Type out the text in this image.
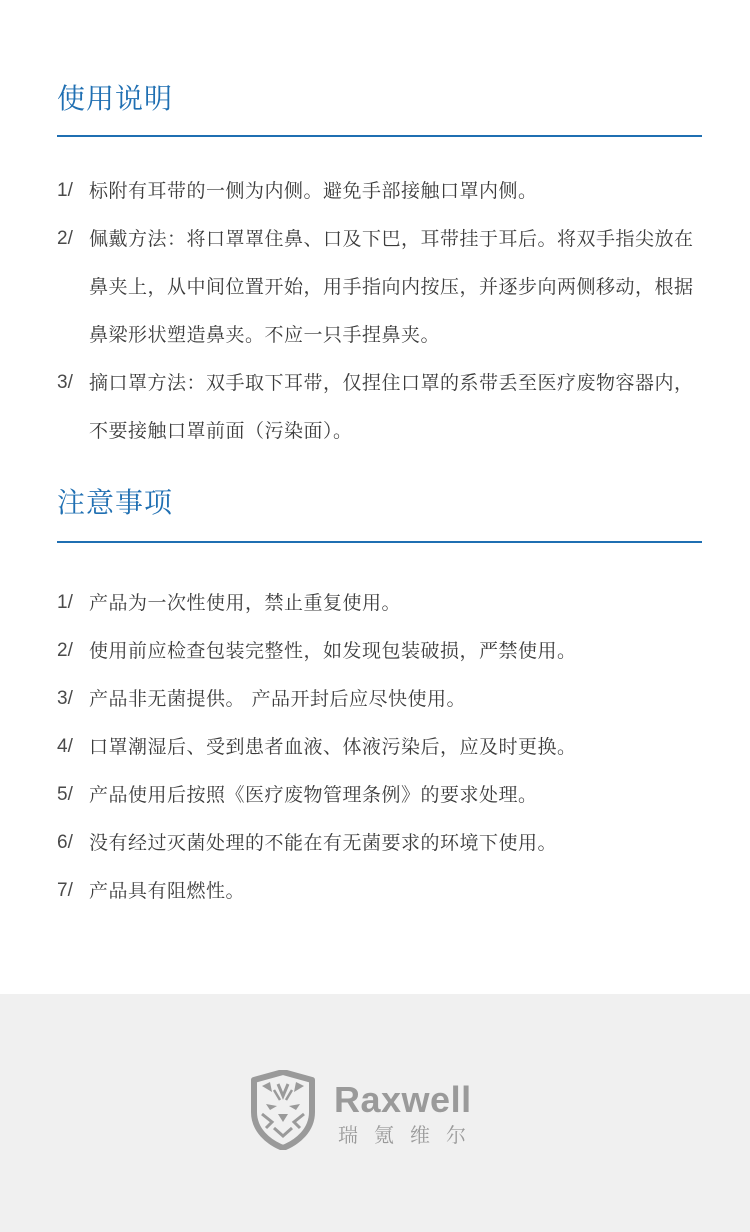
使用说明
1/ 标附有耳带的一侧为内侧。避免手部接触口罩内侧。
2/ 佩戴方法：将口罩罩住鼻、口及下巴，耳带挂于耳后。将双手指尖放在鼻夹上，从中间位置开始，用手指向内按压，并逐步向两侧移动，根据鼻梁形状塑造鼻夹。不应一只手捏鼻夹。
3/ 摘口罩方法：双手取下耳带，仅捏住口罩的系带丢至医疗废物容器内，不要接触口罩前面（污染面）。
注意事项
1/ 产品为一次性使用，禁止重复使用。
2/ 使用前应检查包装完整性，如发现包装破损，严禁使用。
3/ 产品非无菌提供。 产品开封后应尽快使用。
4/ 口罩潮湿后、受到患者血液、体液污染后，应及时更换。
5/ 产品使用后按照《医疗废物管理条例》的要求处理。
6/ 没有经过灭菌处理的不能在有无菌要求的环境下使用。
7/ 产品具有阻燃性。
Raxwell
瑞氪维尔
